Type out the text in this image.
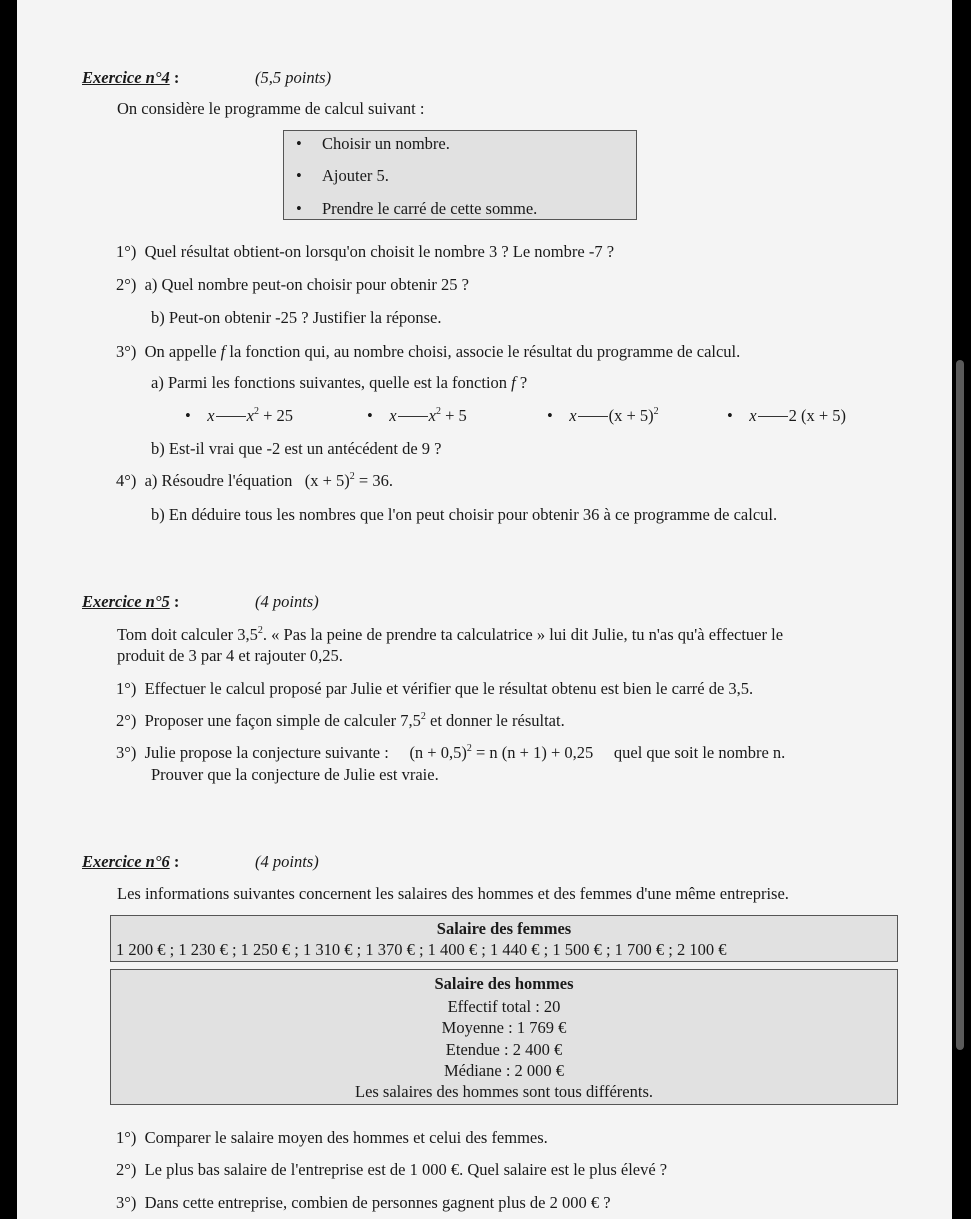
Exercice n°4 :	(5,5 points)
On considère le programme de calcul suivant :
• Choisir un nombre.
• Ajouter 5.
• Prendre le carré de cette somme.
1°) Quel résultat obtient-on lorsqu'on choisit le nombre 3 ? Le nombre -7 ?
2°) a) Quel nombre peut-on choisir pour obtenir 25 ?
b) Peut-on obtenir -25 ? Justifier la réponse.
3°) On appelle f la fonction qui, au nombre choisi, associe le résultat du programme de calcul.
a) Parmi les fonctions suivantes, quelle est la fonction f ?
• x $x^2 + 25$	• x $x^2 + 5$	• x $(x + 5)^2$	• x 2 (x + 5)
b) Est-il vrai que -2 est un antécédent de 9 ?
4°) a) Résoudre l'équation $(x + 5)^2 = 36$.
b) En déduire tous les nombres que l'on peut choisir pour obtenir 36 à ce programme de calcul.
Exercice n°5 :	(4 points)
Tom doit calculer $3,5^2$. « Pas la peine de prendre ta calculatrice » lui dit Julie, tu n'as qu'à effectuer le
produit de 3 par 4 et rajouter 0,25.
1°) Effectuer le calcul proposé par Julie et vérifier que le résultat obtenu est bien le carré de 3,5.
2°) Proposer une façon simple de calculer $7,5^2$ et donner le résultat.
3°) Julie propose la conjecture suivante : $(n + 0,5)^2 = n$ (n + 1) + 0,25 quel que soit le nombre n.
Prouver que la conjecture de Julie est vraie.
Exercice n°6 :	(4 points)
Les informations suivantes concernent les salaires des hommes et des femmes d'une même entreprise.
Salaire des femmes
1 200 € ; 1 230 € ; 1 250 € ; 1 310 € ; 1 370 € ; 1 400 € ; 1 440 € ; 1 500 € ; 1 700 € ; 2 100 €
Salaire des hommes
Effectif total : 20
Moyenne : 1 769 €
Etendue : 2 400 €
Médiane : 2 000 €
Les salaires des hommes sont tous différents.
1°) Comparer le salaire moyen des hommes et celui des femmes.
2°) Le plus bas salaire de l'entreprise est de 1 000 €. Quel salaire est le plus élevé ?
3°) Dans cette entreprise, combien de personnes gagnent plus de 2 000 € ?
